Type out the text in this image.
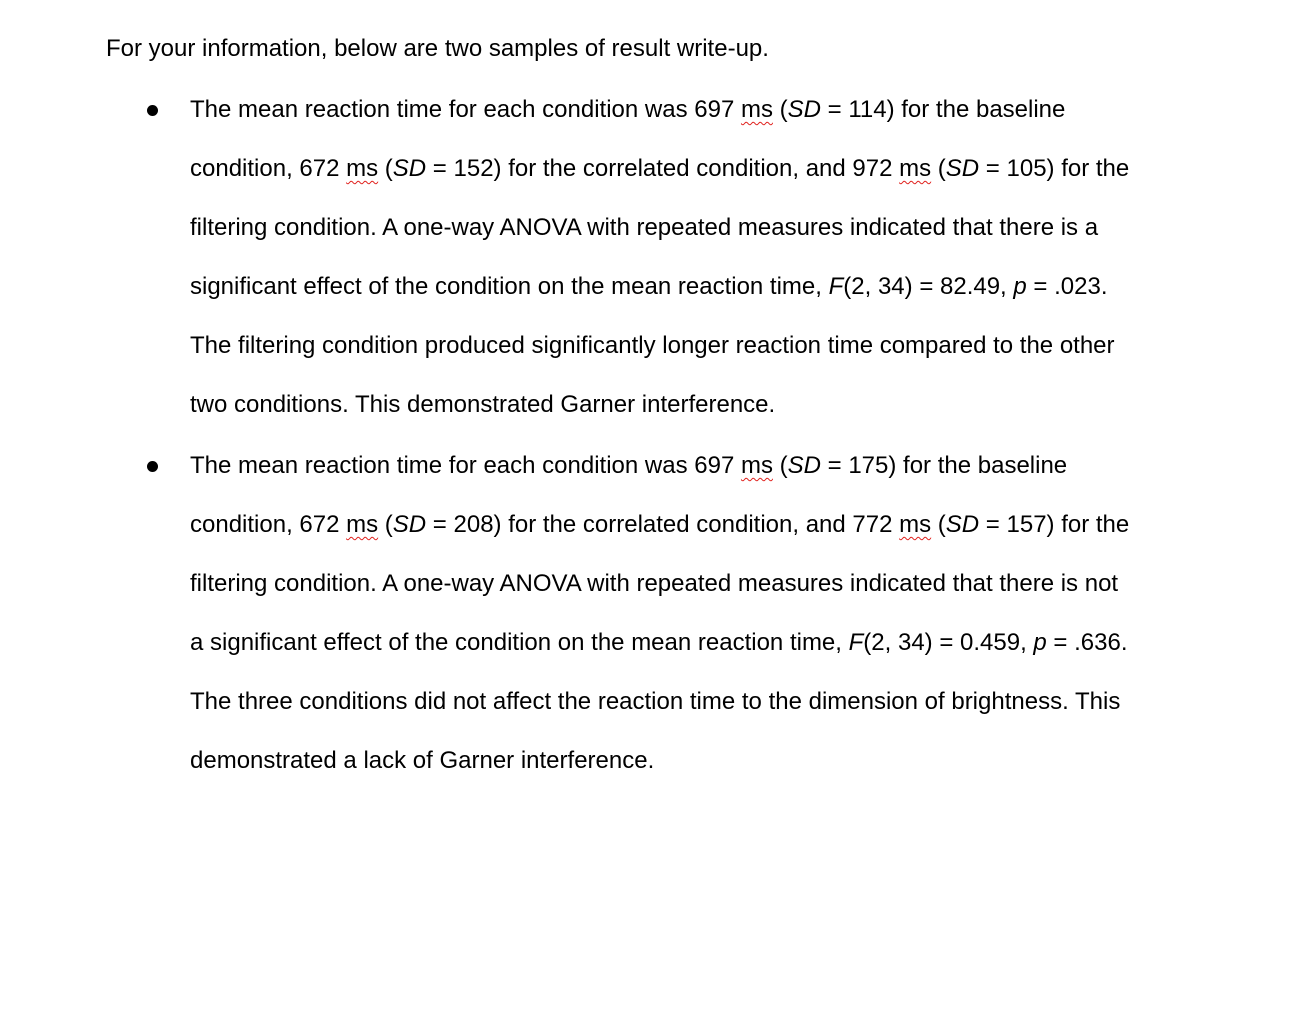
For your information, below are two samples of result write-up.
The mean reaction time for each condition was 697 ms (SD = 114) for the baseline
condition, 672 ms (SD = 152) for the correlated condition, and 972 ms (SD = 105) for the
filtering condition. A one-way ANOVA with repeated measures indicated that there is a
significant effect of the condition on the mean reaction time, F(2, 34) = 82.49, p = .023.
The filtering condition produced significantly longer reaction time compared to the other
two conditions. This demonstrated Garner interference.
The mean reaction time for each condition was 697 ms (SD = 175) for the baseline
condition, 672 ms (SD = 208) for the correlated condition, and 772 ms (SD = 157) for the
filtering condition. A one-way ANOVA with repeated measures indicated that there is not
a significant effect of the condition on the mean reaction time, F(2, 34) = 0.459, p = .636.
The three conditions did not affect the reaction time to the dimension of brightness. This
demonstrated a lack of Garner interference.
